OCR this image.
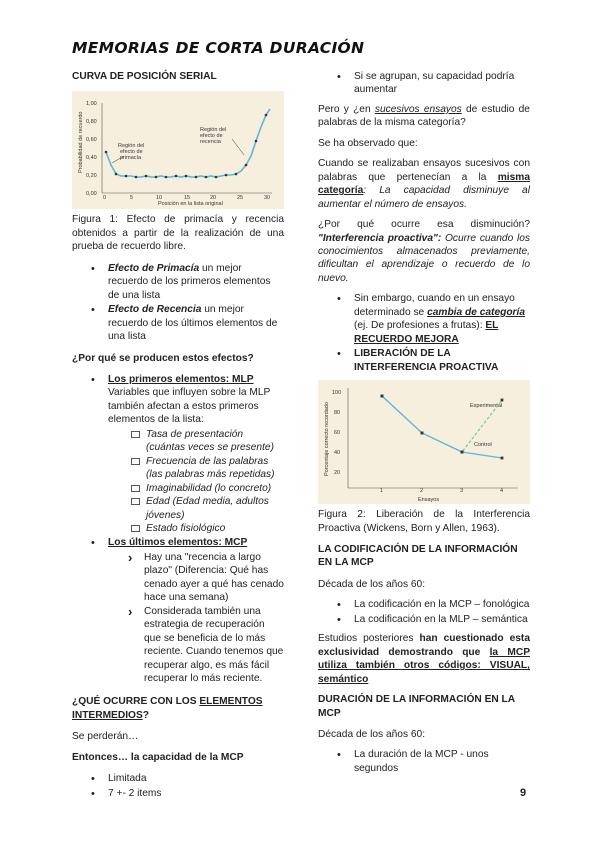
MEMORIAS DE CORTA DURACIÓN
CURVA DE POSICIÓN SERIAL
Probabilidad de recuerdo
Posición en la lista original
0,00
0,20
0,40
0,60
0,80
1,00
0	5	10	15	20	25	30
Región del
efecto de
primacía
Región del
efecto de
recencia

Figura 1: Efecto de primacía y recencia obtenidos a partir de la realización de una prueba de recuerdo libre.

• Efecto de Primacía un mejor recuerdo de los primeros elementos de una lista
• Efecto de Recencia un mejor recuerdo de los últimos elementos de una lista
¿Por qué se producen estos efectos?
• Los primeros elementos: MLP
Variables que influyen sobre la MLP también afectan a estos primeros elementos de la lista:
Tasa de presentación (cuántas veces se presente)
Frecuencia de las palabras (las palabras más repetidas)
Imaginabilidad (lo concreto)
Edad (Edad media, adultos jóvenes)
Estado fisiológico
• Los últimos elementos: MCP
› Hay una "recencia a largo plazo" (Diferencia: Qué has cenado ayer a qué has cenado hace una semana)
› Considerada también una estrategia de recuperación que se beneficia de lo más reciente. Cuando tenemos que recuperar algo, es más fácil recuperar lo más reciente.
¿QUÉ OCURRE CON LOS ELEMENTOS INTERMEDIOS?

Se perderán…

Entonces… la capacidad de la MCP
• Limitada
• 7 +- 2 items
• Si se agrupan, su capacidad podría aumentar

Pero y ¿en sucesivos ensayos de estudio de palabras de la misma categoría?

Se ha observado que:

Cuando se realizaban ensayos sucesivos con palabras que pertenecían a la misma categoría: La capacidad disminuye al aumentar el número de ensayos.

¿Por qué ocurre esa disminución? "Interferencia proactiva": Ocurre cuando los conocimientos almacenados previamente, dificultan el aprendizaje o recuerdo de lo nuevo.

• Sin embargo, cuando en un ensayo determinado se cambia de categoría (ej. De profesiones a frutas): EL RECUERDO MEJORA
• LIBERACIÓN DE LA INTERFERENCIA PROACTIVA
Porcentaje correcto recordado
Ensayos
20
40
60
80
100
1	2	3	4
Experimental
Control

Figura 2: Liberación de la Interferencia Proactiva (Wickens, Born y Allen, 1963).

LA CODIFICACIÓN DE LA INFORMACIÓN EN LA MCP

Década de los años 60:

• La codificación en la MCP – fonológica
• La codificación en la MLP – semántica

Estudios posteriores han cuestionado esta exclusividad demostrando que la MCP utiliza también otros códigos: VISUAL, semántico

DURACIÓN DE LA INFORMACIÓN EN LA MCP

Década de los años 60:

• La duración de la MCP - unos segundos
9
